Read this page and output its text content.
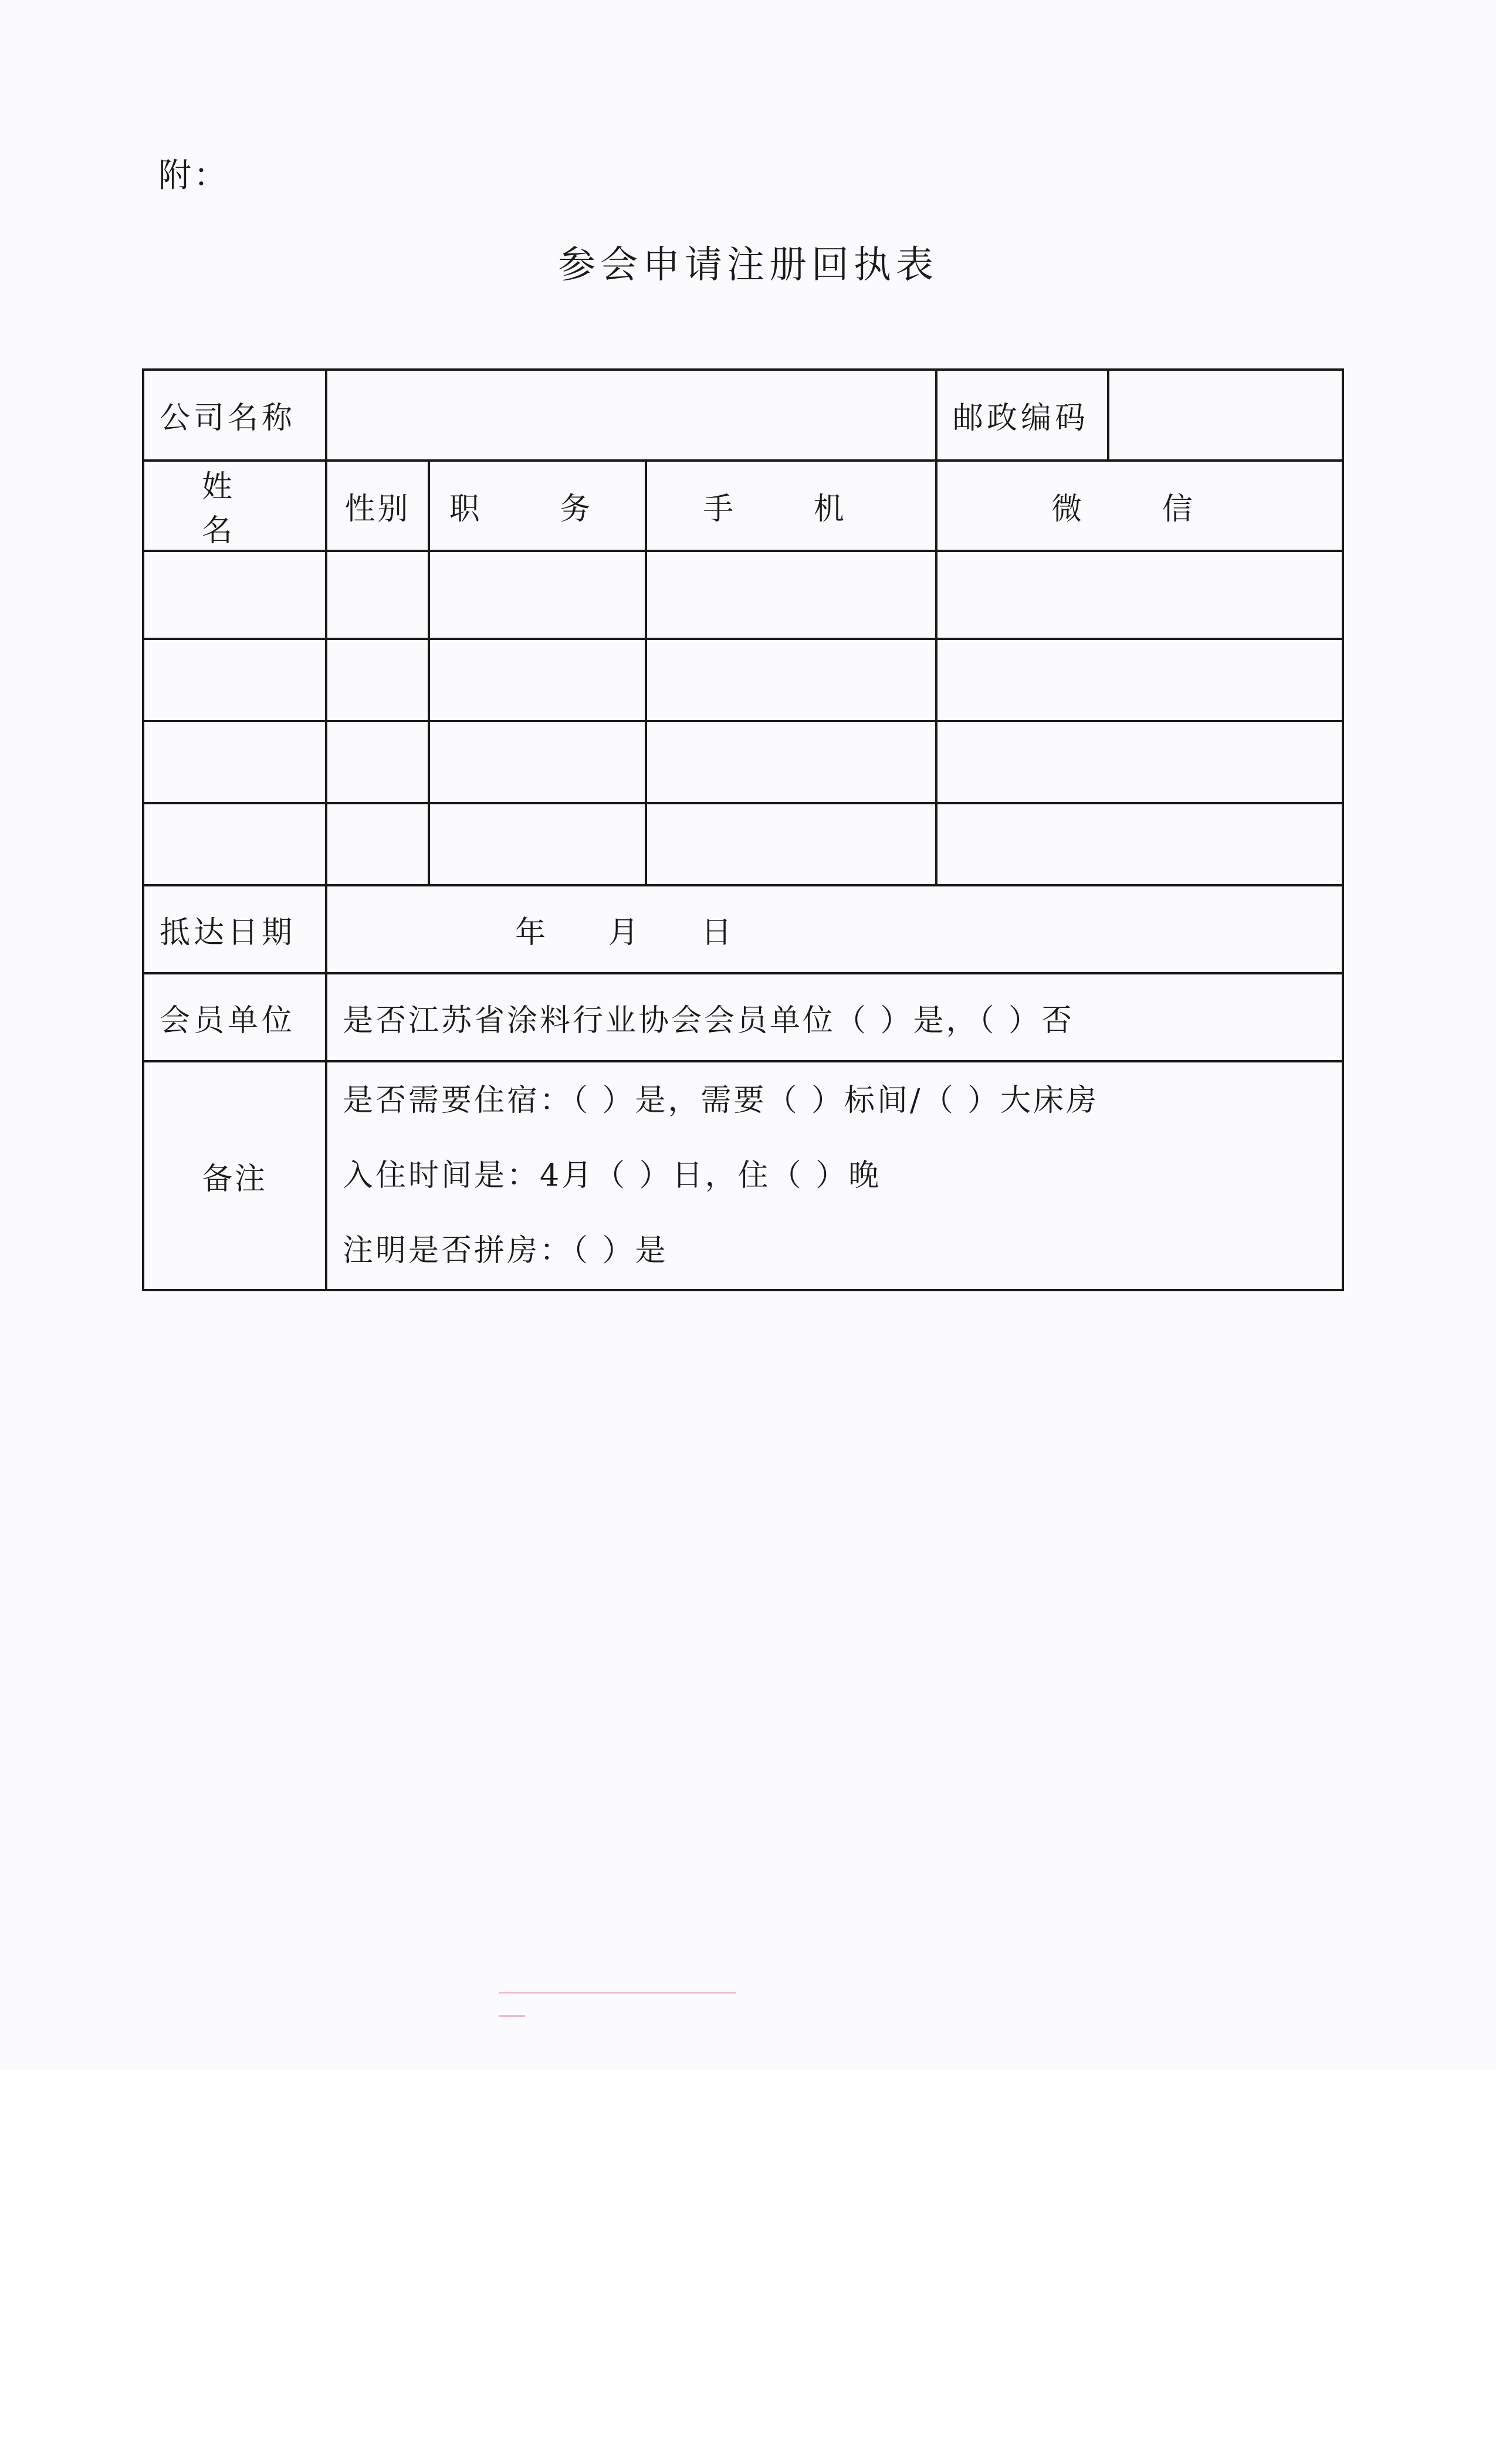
附：
参会申请注册回执表
公司名称				邮政编码	
姓 名	性别	职 务	手 机	微 信	

抵达日期	年 月 日				
会员单位	是否江苏省涂料行业协会会员单位（ ）是，（ ）否				
备注	是否需要住宿：（ ）是，需要（ ）标间/（ ）大床房
入住时间是：4月（ ）日，住（ ）晚
注明是否拼房：（ ）是				
